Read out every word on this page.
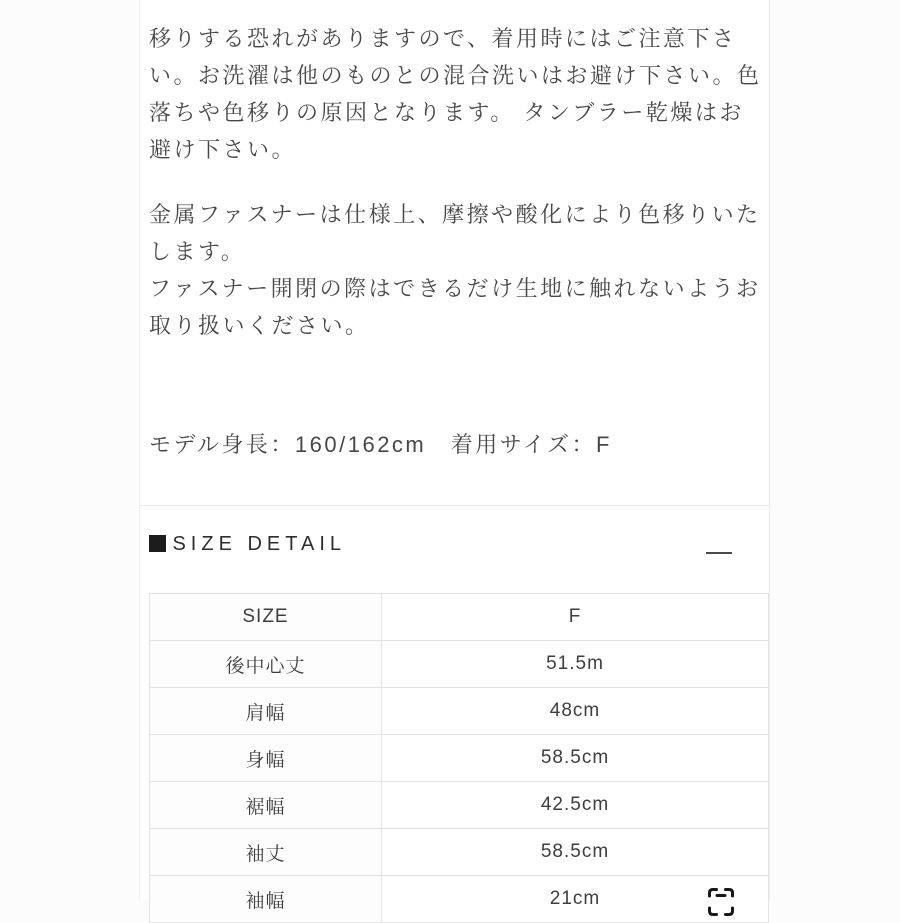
移りする恐れがありますので、着用時にはご注意下さい。お洗濯は他のものとの混合洗いはお避け下さい。色落ちや色移りの原因となります。 タンブラー乾燥はお避け下さい。

金属ファスナーは仕様上、摩擦や酸化により色移りいたします。
ファスナー開閉の際はできるだけ生地に触れないようお取り扱いください。

モデル身長：160/162cm　着用サイズ：F

SIZE DETAIL
SIZE	F
後中心丈	51.5m
肩幅	48cm
身幅	58.5cm
裾幅	42.5cm
袖丈	58.5cm
袖幅	21cm
